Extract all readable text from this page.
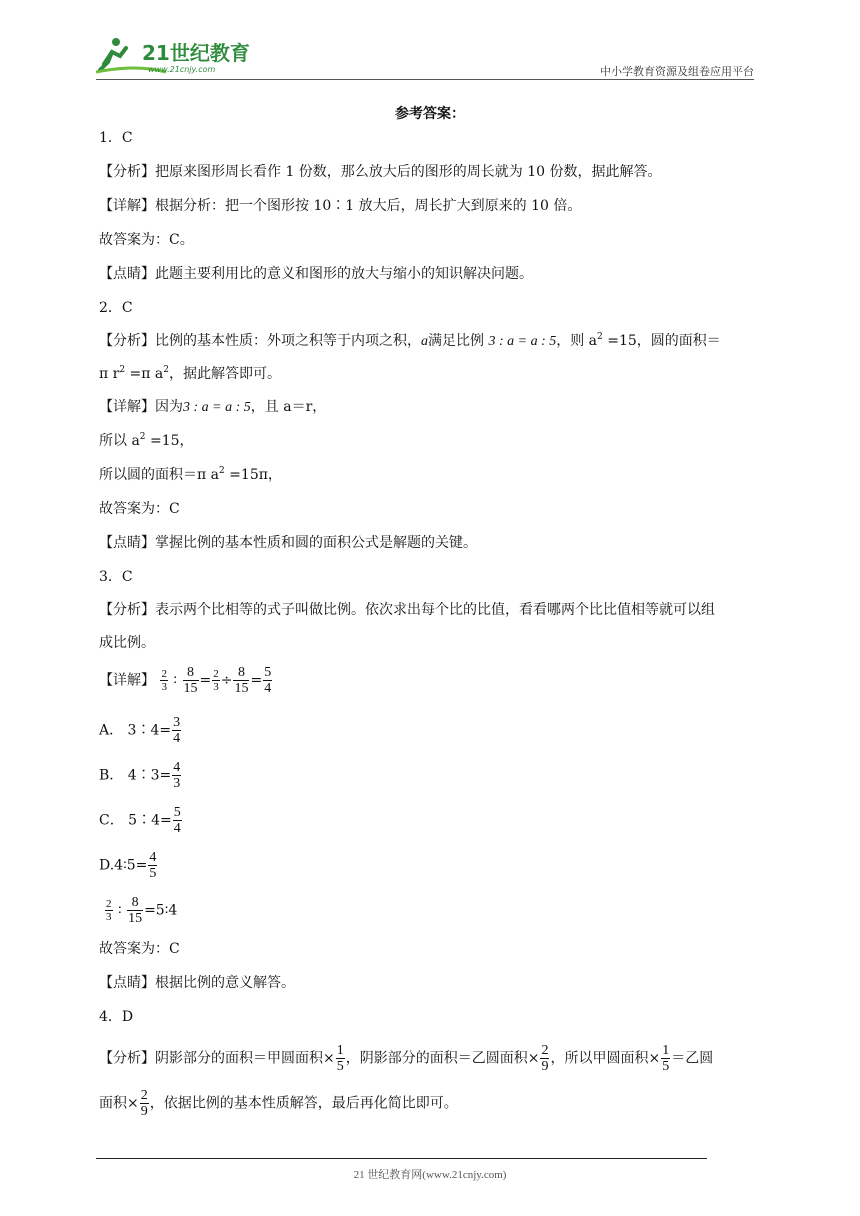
21世纪教育
www.21cnjy.com	中小学教育资源及组卷应用平台
参考答案：
1．C
【分析】把原来图形周长看作 1 份数，那么放大后的图形的周长就为 10 份数，据此解答。
【详解】根据分析：把一个图形按 10∶1 放大后，周长扩大到原来的 10 倍。
故答案为：C。
【点睛】此题主要利用比的意义和图形的放大与缩小的知识解决问题。
2．C
【分析】比例的基本性质：外项之积等于内项之积，a满足比例 3 : a = a : 5，则 $a^2 =15$，圆的面积＝
π $r^2 =\pi$ $a^2$，据此解答即可。
【详解】因为3 : a = a : 5，且 a＝r，
所以 $a^2 =15$，
所以圆的面积＝π $a^2 =15\pi$，
故答案为：C
【点睛】掌握比例的基本性质和圆的面积公式是解题的关键。
3．C
【分析】表示两个比相等的式子叫做比例。依次求出每个比的比值，看看哪两个比比值相等就可以组
成比例。
【详解】 $\frac{2}{3}$ ∶ $\frac{8}{15} = \frac{2}{3} \div \frac{8}{15} = \frac{5}{4}$
A． 3∶4= $\frac{3}{4}$
B． 4∶3= $\frac{4}{3}$
C． 5∶4= $\frac{5}{4}$
D.4∶5= $\frac{4}{5}$
$\frac{2}{3}$ ∶ $\frac{8}{15}$ =5∶4
故答案为：C
【点睛】根据比例的意义解答。
4．D
【分析】阴影部分的面积＝甲圆面积× $\frac{1}{5}$ ，阴影部分的面积＝乙圆面积× $\frac{2}{9}$ ，所以甲圆面积× $\frac{1}{5}$ ＝乙圆
面积× $\frac{2}{9}$ ，依据比例的基本性质解答，最后再化简比即可。
21 世纪教育网(www.21cnjy.com)
